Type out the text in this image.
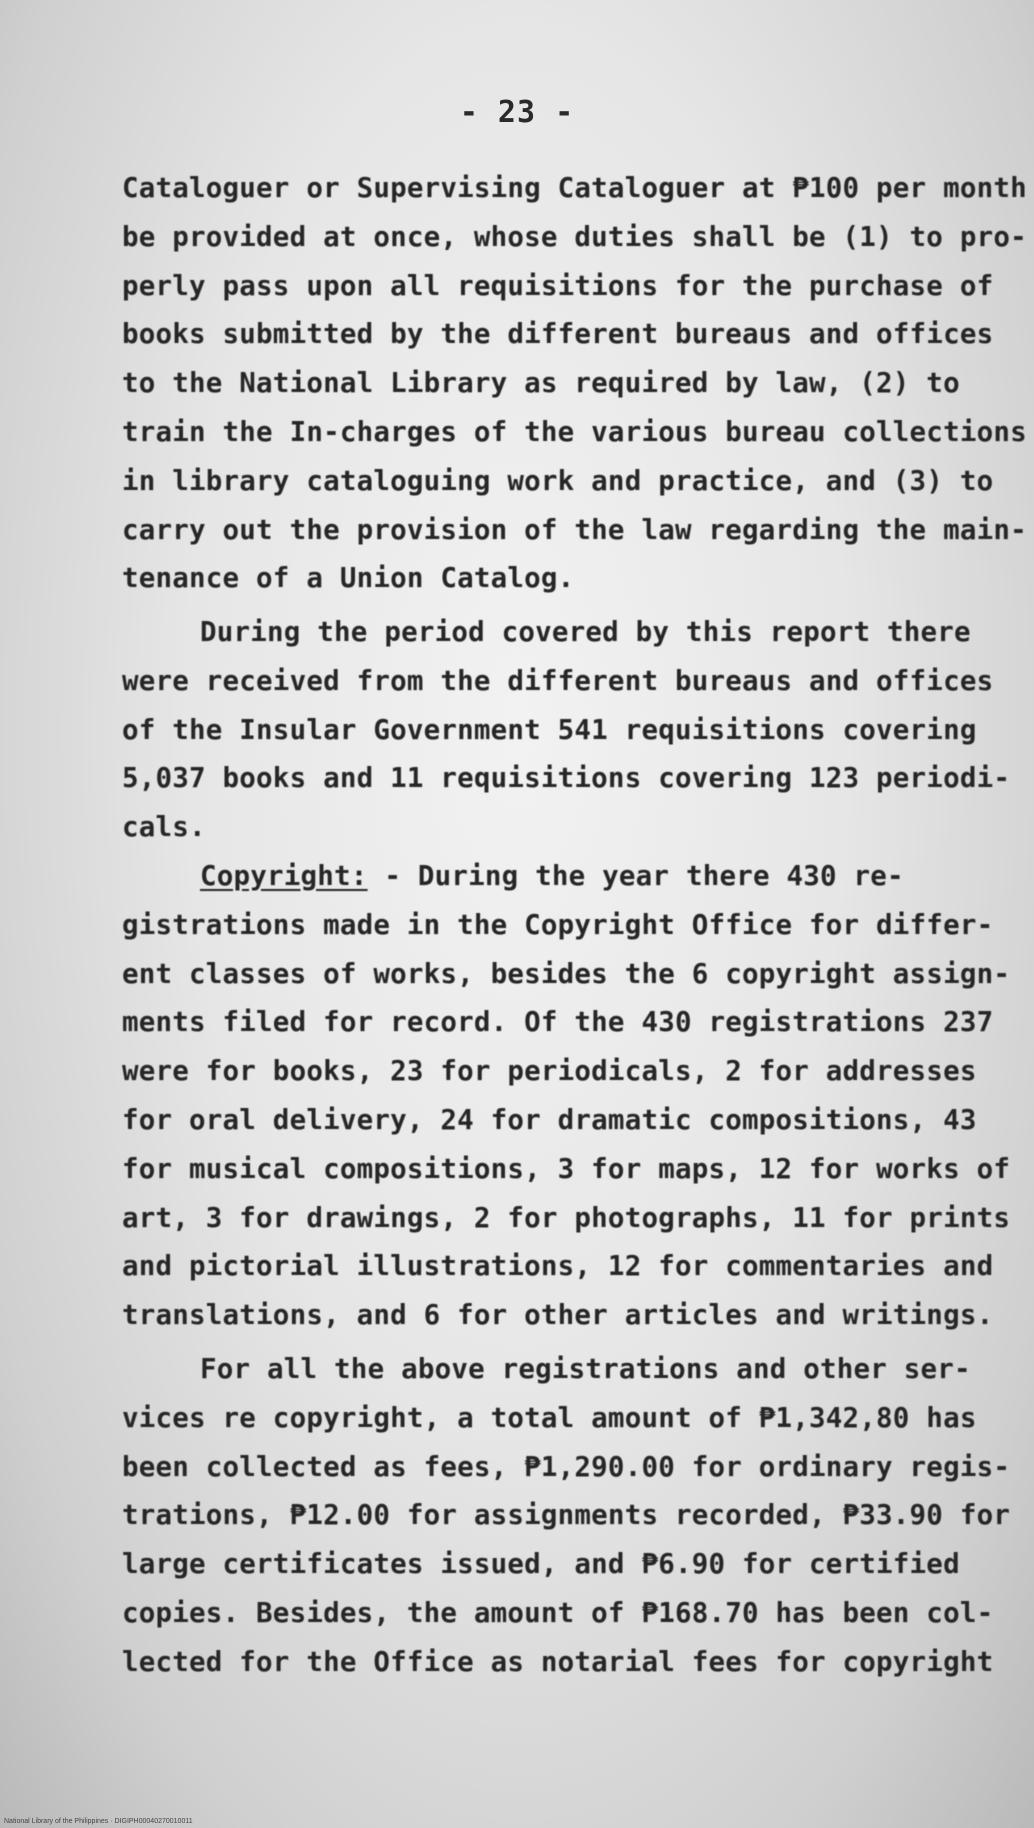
- 23 -
Cataloguer or Supervising Cataloguer at ₱100 per month
be provided at once, whose duties shall be (1) to pro-
perly pass upon all requisitions for the purchase of
books submitted by the different bureaus and offices
to the National Library as required by law, (2) to
train the In-charges of the various bureau collections
in library cataloguing work and practice, and (3) to
carry out the provision of the law regarding the main-
tenance of a Union Catalog.
During the period covered by this report there
were received from the different bureaus and offices
of the Insular Government 541 requisitions covering
5,037 books and 11 requisitions covering 123 periodi-
cals.
Copyright: - During the year there 430 re-
gistrations made in the Copyright Office for differ-
ent classes of works, besides the 6 copyright assign-
ments filed for record. Of the 430 registrations 237
were for books, 23 for periodicals, 2 for addresses
for oral delivery, 24 for dramatic compositions, 43
for musical compositions, 3 for maps, 12 for works of
art, 3 for drawings, 2 for photographs, 11 for prints
and pictorial illustrations, 12 for commentaries and
translations, and 6 for other articles and writings.
For all the above registrations and other ser-
vices re copyright, a total amount of ₱1,342,80 has
been collected as fees, ₱1,290.00 for ordinary regis-
trations, ₱12.00 for assignments recorded, ₱33.90 for
large certificates issued, and ₱6.90 for certified
copies. Besides, the amount of ₱168.70 has been col-
lected for the Office as notarial fees for copyright
National Library of the Philippines · DIGIPH00040270010011
